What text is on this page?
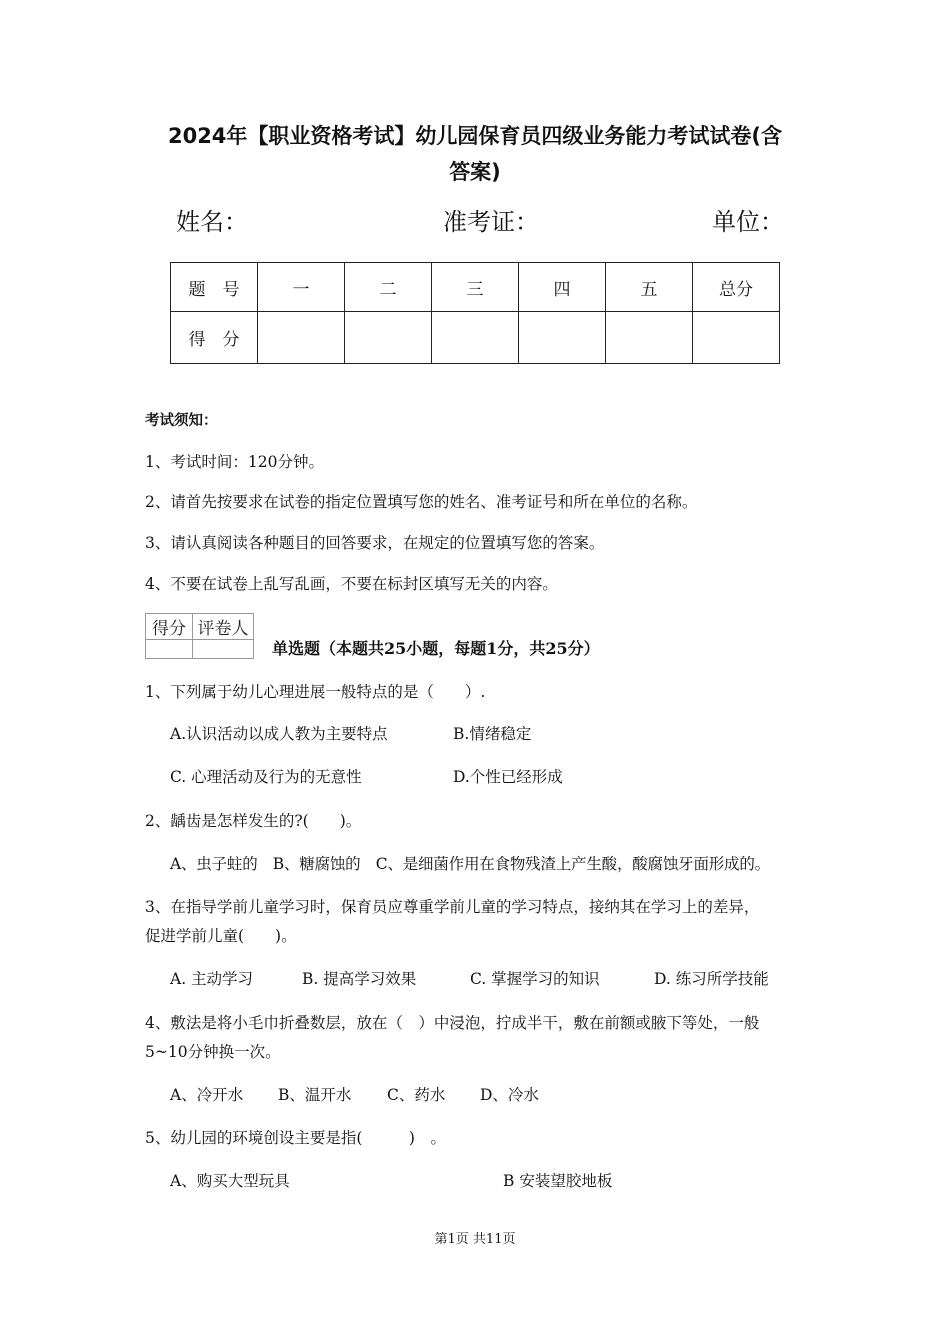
2024年【职业资格考试】幼儿园保育员四级业务能力考试试卷(含
答案)
姓名：	准考证：	单位：
题　号	一	二	三	四	五	总分
得　分						
考试须知：
1、考试时间：120分钟。
2、请首先按要求在试卷的指定位置填写您的姓名、准考证号和所在单位的名称。
3、请认真阅读各种题目的回答要求，在规定的位置填写您的答案。
4、不要在试卷上乱写乱画，不要在标封区填写无关的内容。
得分	评卷人

单选题（本题共25小题，每题1分，共25分）
1、下列属于幼儿心理进展一般特点的是（　　）.
A.认识活动以成人教为主要特点	B.情绪稳定
C. 心理活动及行为的无意性	D.个性已经形成
2、龋齿是怎样发生的?(　　)。
A、虫子蛀的　B、糖腐蚀的　C、是细菌作用在食物残渣上产生酸，酸腐蚀牙面形成的。
3、在指导学前儿童学习时，保育员应尊重学前儿童的学习特点，接纳其在学习上的差异，
促进学前儿童(　　)。
A. 主动学习	B. 提高学习效果	C. 掌握学习的知识	D. 练习所学技能
4、敷法是将小毛巾折叠数层，放在（　）中浸泡，拧成半干，敷在前额或腋下等处，一般
5~10分钟换一次。
A、冷开水 B、温开水 C、药水 D、冷水
5、幼儿园的环境创设主要是指(　　　)　。
A、购买大型玩具	B 安装望胶地板
第1页 共11页
